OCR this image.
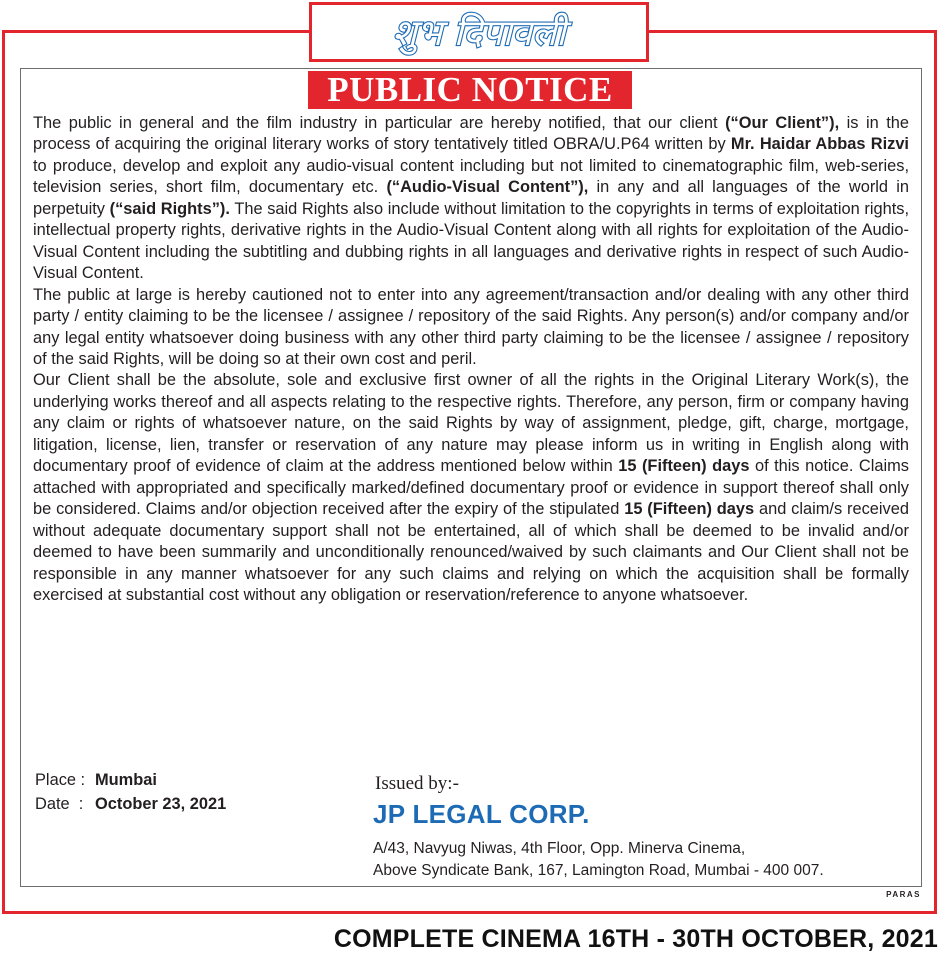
शुभ दिपावली
PUBLIC NOTICE

The public in general and the film industry in particular are hereby notified, that our client (“Our Client”), is in the process of acquiring the original literary works of story tentatively titled OBRA/U.P64 written by Mr. Haidar Abbas Rizvi to produce, develop and exploit any audio-visual content including but not limited to cinematographic film, web-series, television series, short film, documentary etc. (“Audio-Visual Content”), in any and all languages of the world in perpetuity (“said Rights”). The said Rights also include without limitation to the copyrights in terms of exploitation rights, intellectual property rights, derivative rights in the Audio-Visual Content along with all rights for exploitation of the Audio-Visual Content including the subtitling and dubbing rights in all languages and derivative rights in respect of such Audio-Visual Content.

The public at large is hereby cautioned not to enter into any agreement/transaction and/or dealing with any other third party / entity claiming to be the licensee / assignee / repository of the said Rights. Any person(s) and/or company and/or any legal entity whatsoever doing business with any other third party claiming to be the licensee / assignee / repository of the said Rights, will be doing so at their own cost and peril.

Our Client shall be the absolute, sole and exclusive first owner of all the rights in the Original Literary Work(s), the underlying works thereof and all aspects relating to the respective rights. Therefore, any person, firm or company having any claim or rights of whatsoever nature, on the said Rights by way of assignment, pledge, gift, charge, mortgage, litigation, license, lien, transfer or reservation of any nature may please inform us in writing in English along with documentary proof of evidence of claim at the address mentioned below within 15 (Fifteen) days of this notice. Claims attached with appropriated and specifically marked/defined documentary proof or evidence in support thereof shall only be considered. Claims and/or objection received after the expiry of the stipulated 15 (Fifteen) days and claim/s received without adequate documentary support shall not be entertained, all of which shall be deemed to be invalid and/or deemed to have been summarily and unconditionally renounced/waived by such claimants and Our Client shall not be responsible in any manner whatsoever for any such claims and relying on which the acquisition shall be formally exercised at substantial cost without any obligation or reservation/reference to anyone whatsoever.

Place : Mumbai
Date  : October 23, 2021
Issued by:-
JP LEGAL CORP.
A/43, Navyug Niwas, 4th Floor, Opp. Minerva Cinema,
Above Syndicate Bank, 167, Lamington Road, Mumbai - 400 007.
PARAS
COMPLETE CINEMA 16TH - 30TH OCTOBER, 2021
